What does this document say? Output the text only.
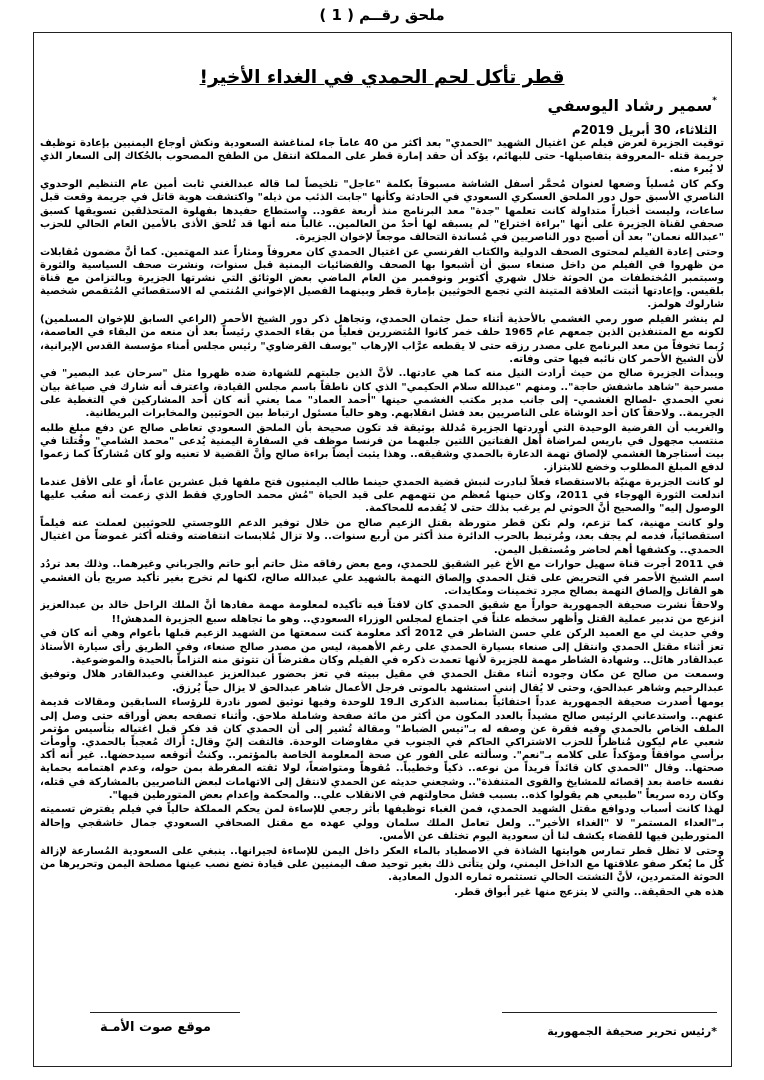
ملحق رقــم ( 1 )
قطر تأكل لحم الحمدي في الغداء الأخير!
*سمير رشاد اليوسفي
الثلاثاء، 30 أبريل 2019م

توقيت الجزيرة لعرض فيلم عن اغتيال الشهيد "الحمدي" بعد أكثر من 40 عاماً جاء لمناغشة السعودية ونكش أوجاع اليمنيين بإعادة توظيف جريمة قتله -المعروفة بتفاصيلها- حتى للبهائم، يؤكد أن حقد إمارة قطر على المملكة انتقل من الطفح المصحوب بالحُكاك إلى السعار الذي لا يُبرء منه.

وكم كان مُسلياً وضعها لعنوان مُحمَّر أسفل الشاشة مسبوقاً بكلمة "عاجل" تلخيصاً لما قاله عبدالغني ثابت أمين عام التنظيم الوحدوي الناصري الأسبق حول دور الملحق العسكري السعودي في الحادثة وكأنها "جابت الذئب من ذيله" واكتشفت هوية قاتل في جريمة وقعت قبل ساعات، وليست أخباراً متداولة كانت تعلمها "جدة" معد البرنامج منذ أربعة عقود.. واستطاع حفيدها بفهلوة المتحذلقين تسويقها كسبق صحفي لقناة الجزيرة على أنها "براءة اختراع" لم يسبقه لها أحدٌ من العالمين.. غالباً منه أنها قد تُلحق الأذى بالأمين العام الحالي للحزب "عبدالله نعمان" بعد أن أصبح دور الناصريين في مُساندة التحالف موجعاً لإخوان الجزيرة.

وحتى إعادة الفيلم لمحتوى الصحف الدولية والكتاب الفرنسي عن اغتيال الحمدي كان معروفاً ومثاراً عند المهتمين. كما أنَّ مضمون مُقابلات من ظهروا في الفيلم من داخل صنعاء سبق أن أشبعوا بها الصحف والفضائيات اليمنية قبل سنوات، ونشرت صحف السياسية والثورة وسبتمبر المُختطفات من الحوثة خلال شهري أكتوبر ونوفمبر من العام الماضي بعض الوثائق التي نشرتها الجزيرة وبالتزامن مع قناة بلقيس. وإعادتها أثبتت العلاقة المتينة التي تجمع الحوثيين بإمارة قطر وبينهما الفصيل الإخواني المُنتمي له الاستقصائي المُتقمص شخصية شارلوك هولمز.

لم ينشر الفيلم صور رمي الغشمي بالأحذية أثناء حمل جثمان الحمدي، وتجاهل ذكر دور الشيخ الأحمر (الراعي السابق للإخوان المسلمين) لكونه مع المتنفذين الذين جمعهم عام 1965 حلف خمر كانوا المُتضررين فعلياً من بقاء الحمدي رئيساً بعد أن منعه من البقاء في العاصمة، رُبما تخوفاً من معد البرنامج على مصدر رزقه حتى لا يقطعه عرَّاب الإرهاب "يوسف القرضاوي" رئيس مجلس أمناء مؤسسة القدس الإيرانية، لأن الشيخ الأحمر كان نائبه فيها حتى وفاته.

ويبدأت الجزيرة صالح من حيث أرادت النيل منه كما هي عادتها.. لأنَّ الذين جلبتهم للشهادة ضده ظهروا مثل "سرحان عبد البصير" في مسرحية "شاهد ماشفش حاجة".. ومنهم "عبدالله سلام الحكيمي" الذي كان ناطقاً باسم مجلس القيادة، واعترف أنه شارك في صياغة بيان نعي الحمدي -لصالح الغشمي- إلى جانب مدير مكتب الغشمي حينها "أحمد العماد" مما يعني أنه كان أحد المشاركين في التغطية على الجريمة.. ولاحقاً كان أحد الوشاة على الناصريين بعد فشل انقلابهم. وهو حالياً مسئول ارتباط بين الحوثيين والمخابرات البريطانية.

والغريب أن الفرضية الوحيدة التي أوردتها الجزيرة مُدللة بوثيقة قد تكون صحيحة بأن الملحق السعودي تعاطى صالح عن دفع مبلغ طلبه منتسب مجهول في باريس لمراضاة أهل الفتاتين اللتين جلبهما من فرنسا موظف في السفارة اليمنية يُدعى "محمد الشامي" وقُتلتا في بيت أستاجرها الغشمي لإلصاق تهمة الدعارة بالحمدي وشقيقه.. وهذا يثبت أيضاً براءة صالح وأنَّ القضية لا تعنيه ولو كان مُشاركاً كما زعموا لدفع المبلغ المطلوب وخضع للابتزاز.

لو كانت الجزيرة مهنيّة بالاستقصاء فعلاً لبادرت لنبش قضية الحمدي حينما طالب اليمنيون فتح ملفها قبل عشرين عاماً، أو على الأقل عندما اندلعت الثورة الهوجاء في 2011، وكان حينها مُعظم من تتهمهم على قيد الحياة "مُش محمد الحاوري فقط الذي زعمت أنه صعُب عليها الوصول إليه" والصحيح أنَّ الحوثي لم يرغب بذلك حتى لا يُقدمه للمحاكمة.

ولو كانت مهنية، كما تزعم، ولم تكن قطر متورطة بقتل الزعيم صالح من خلال توفير الدعم اللوجستي للحوثيين لعملت عنه فيلماً استقصائياً، فدمه لم يجف بعد، ومُرتبط بالحرب الدائرة منذ أكثر من أربع سنوات.. ولا تزال مُلابسات انتفاضته وقتله أكثر غموضاً من اغتيال الحمدي.. وكشفها أهم لحاضر ومُستقبل اليمن.

في 2011 أجرت قناة سهيل حوارات مع الأخ غير الشقيق للحمدي، ومع بعض رفاقه مثل حاتم أبو حاتم والجرباني وغيرهما.. وذلك بعد تردُد اسم الشيخ الأحمر في التحريض على قتل الحمدي وإلصاق التهمة بالشهيد علي عبدالله صالح، لكنها لم تخرج بغير تأكيد صريح بأن الغشمي هو القاتل وإلصاق التهمة بصالح مجرد تخمينات ومكايدات.

ولاحقاً نشرت صحيفة الجمهورية حواراً مع شقيق الحمدي كان لافتاً فيه تأكيده لمعلومة مهمة مفادها أنَّ الملك الراحل خالد بن عبدالعزيز انزعج من تدبير عملية القتل وأظهر سخطه علناً في اجتماع لمجلس الوزراء السعودي.. وهو ما تجاهله سبع الجزيرة المدهش!!

وفي حديث لي مع العميد الركن علي حسن الشاطر في 2012 أكد معلومة كنت سمعتها من الشهيد الزعيم قبلها بأعوام وهي أنه كان في تعز أثناء مقتل الحمدي وانتقل إلى صنعاء بسيارة الحمدي على رغم الأهمية، ليس من مصدر صالح صنعاء، وفي الطريق رأى سيارة الأستاذ عبدالقادر هائل.. وشهادة الشاطر مهمة للجزيرة لأنها تعمدت ذكره في الفيلم وكان مفترضاً أن تتوثق منه التزاماً بالحيدة والموضوعية.

وسمعت من صالح عن مكان وجوده أثناء مقتل الحمدي في مقيل ببيته في تعز بحضور عبدالعزيز عبدالغني وعبدالقادر هلال وتوفيق عبدالرحيم وشاهر عبدالحق، وحتى لا يُقال إنني استشهد بالموتى فرجل الأعمال شاهر عبدالحق لا يزال حياً يُرزق.

يومها أصدرت صحيفة الجمهورية عدداً احتفائياً بمناسبة الذكرى الـ19 للوحدة وفيها توثيق لصور نادرة للرؤساء السابقين ومقالات قديمة عنهم.. واستدعاني الرئيس صالح مشيداً بالعدد المكون من أكثر من مائة صفحة وشاملة ملاحق. وأثناء تصفحه بعض أوراقه حتى وصل إلى الملف الخاص بالحمدي وفيه فقرة عن وصفه له بـ"تيس الضباط" ومقالة تُشير إلى أن الحمدي كان قد فكر قبل اغتياله بتأسيس مؤتمر شعبي عام ليكون مُناظراً للحزب الاشتراكي الحاكم في الجنوب في مفاوضات الوحدة. فالتفت إليّ وقال: أراك مُعجباً بالحمدي. وأومأت برأسي موافقاً ومؤكداً على كلامه بـ"نعم". وسألته على الفور عن صحة المعلومة الخاصة بالمؤتمر.. وكنتُ أتوقعه سيدحضها.. غير أنه أكد صحتها.. وقال "الحمدي كان قائداً فريداً من نوعه.. ذكياً وخطيباً.. مُقوهاً ومتواضعاً، لولا ثقته المفرطة بمن حوله، وعدم اهتمامه بحماية نفسه خاصة بعد إقصائه للمشايخ والقوى المتنفذة".. وشجعني حديثه عن الحمدي لانتقل إلى الاتهامات لبعض الناصريين بالمشاركة في قتله، وكان رده سريعاً "طبيعي هم يقولوا كذه.. بسبب فشل محاولتهم في الانقلاب علي.. والمحكمة وإعدام بعض المتورطين فيها".

لهذا كانت أسباب ودوافع مقتل الشهيد الحمدي، فمن الغباء توظيفها بأثر رجعي للإساءة لمن يحكم المملكة حالياً في فيلم يفترض تسميته بـ"العداء المستمر" لا "الغداء الأخير".. ولعل تعامل الملك سلمان وولي عهده مع مقتل الصحافي السعودي جمال خاشقجي وإحالة المتورطين فيها للقضاء يكشف لنا أن سعودية اليوم تختلف عن الأمس.

وحتى لا تظل قطر تمارس هوايتها الشاذة في الاصطياد بالماء العكر داخل اليمن للإساءة لجيرانها.. ينبغي على السعودية المُسارعة لإزالة كُل ما يُعكر صفو علاقتها مع الداخل اليمني، ولن يتأتى ذلك بغير توحيد صف اليمنيين على قيادة تضع نصب عينها مصلحة اليمن وتحريرها من الحوثة المتمردين، لأنَّ التشتت الحالي تستثمره ثماره الدول المعادية.

هذه هي الحقيقة.. والتي لا يتزعج منها غير أبواق قطر.

*رئيس تحرير صحيفة الجمهورية
موقع صوت الأمـة
